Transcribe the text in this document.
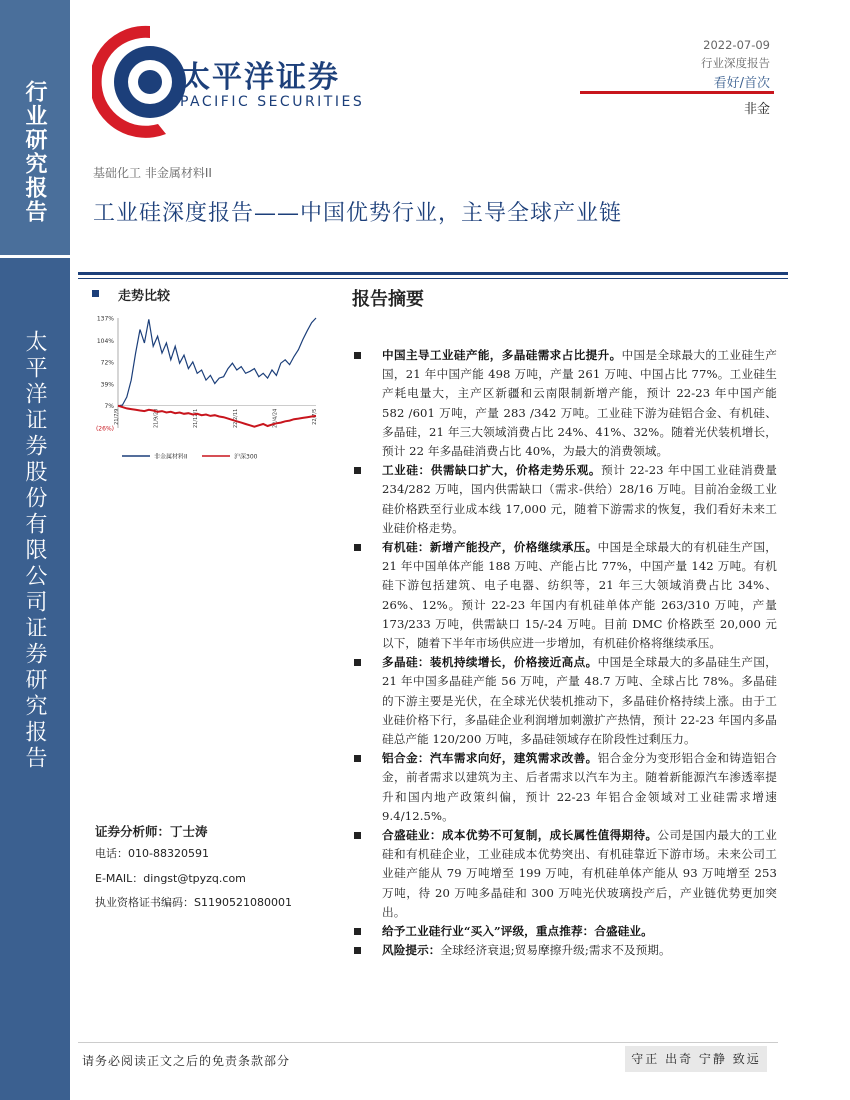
行业研究报告
太平洋证券股份有限公司证券研究报告
太平洋证券
PACIFIC SECURITIES
2022-07-09
行业深度报告
看好/首次
非金
基础化工 非金属材料II
工业硅深度报告——中国优势行业，主导全球产业链
走势比较	报告摘要
137%
104%
72%
39%
7%
(26%)
21/7/9	21/9/20	21/12/1	22/2/11	22/4/24	22/7/5
非金属材料II	沪深300
证券分析师：丁士涛
电话：010-88320591
E-MAIL：dingst@tpyzq.com
执业资格证书编码：S1190521080001
中国主导工业硅产能，多晶硅需求占比提升。中国是全球最大的工业硅生产国，21 年中国产能 498 万吨，产量 261 万吨、中国占比 77%。工业硅生产耗电量大，主产区新疆和云南限制新增产能，预计 22-23 年中国产能 582 /601 万吨，产量 283 /342 万吨。工业硅下游为硅铝合金、有机硅、多晶硅，21 年三大领域消费占比 24%、41%、32%。随着光伏装机增长，预计 22 年多晶硅消费占比 40%，为最大的消费领域。
工业硅：供需缺口扩大，价格走势乐观。预计 22-23 年中国工业硅消费量 234/282 万吨，国内供需缺口（需求-供给）28/16 万吨。目前冶金级工业硅价格跌至行业成本线 17,000 元，随着下游需求的恢复，我们看好未来工业硅价格走势。
有机硅：新增产能投产，价格继续承压。中国是全球最大的有机硅生产国，21 年中国单体产能 188 万吨、产能占比 77%，中国产量 142 万吨。有机硅下游包括建筑、电子电器、纺织等，21 年三大领域消费占比 34%、26%、12%。预计 22-23 年国内有机硅单体产能 263/310 万吨，产量 173/233 万吨，供需缺口 15/-24 万吨。目前 DMC 价格跌至 20,000 元以下，随着下半年市场供应进一步增加，有机硅价格将继续承压。
多晶硅：装机持续增长，价格接近高点。中国是全球最大的多晶硅生产国，21 年中国多晶硅产能 56 万吨，产量 48.7 万吨、全球占比 78%。多晶硅的下游主要是光伏，在全球光伏装机推动下，多晶硅价格持续上涨。由于工业硅价格下行，多晶硅企业利润增加刺激扩产热情，预计 22-23 年国内多晶硅总产能 120/200 万吨，多晶硅领域存在阶段性过剩压力。
铝合金：汽车需求向好，建筑需求改善。铝合金分为变形铝合金和铸造铝合金，前者需求以建筑为主、后者需求以汽车为主。随着新能源汽车渗透率提升和国内地产政策纠偏，预计 22-23 年铝合金领域对工业硅需求增速 9.4/12.5%。
合盛硅业：成本优势不可复制，成长属性值得期待。公司是国内最大的工业硅和有机硅企业，工业硅成本优势突出、有机硅靠近下游市场。未来公司工业硅产能从 79 万吨增至 199 万吨，有机硅单体产能从 93 万吨增至 253 万吨，待 20 万吨多晶硅和 300 万吨光伏玻璃投产后，产业链优势更加突出。
给予工业硅行业“买入”评级，重点推荐：合盛硅业。
风险提示：全球经济衰退;贸易摩擦升级;需求不及预期。
请务必阅读正文之后的免责条款部分	守正 出奇 宁静 致远
